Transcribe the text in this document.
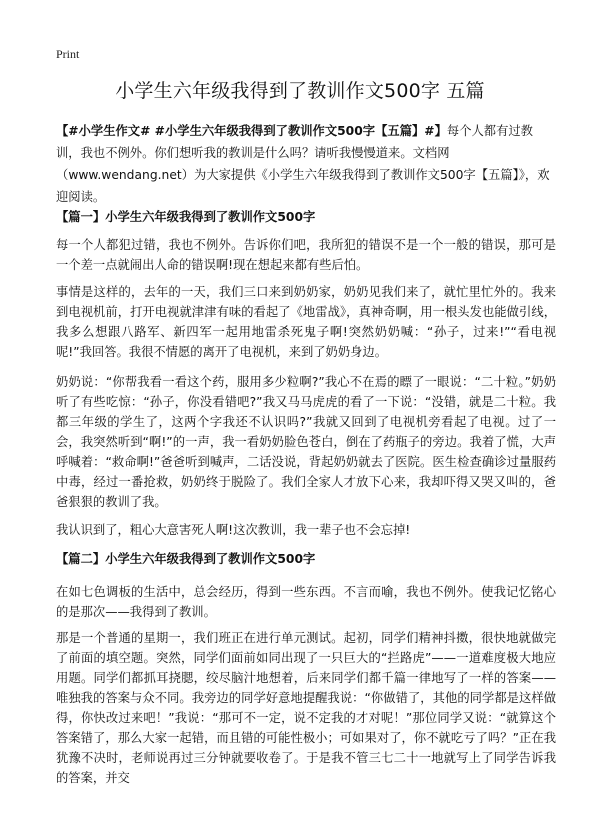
Print
小学生六年级我得到了教训作文500字 五篇

【#小学生作文# #小学生六年级我得到了教训作文500字【五篇】#】每个人都有过教训，我也不例外。你们想听我的教训是什么吗？请听我慢慢道来。文档网（www.wendang.net）为大家提供《小学生六年级我得到了教训作文500字【五篇】》，欢迎阅读。

【篇一】小学生六年级我得到了教训作文500字

每一个人都犯过错，我也不例外。告诉你们吧，我所犯的错误不是一个一般的错误，那可是一个差一点就闹出人命的错误啊!现在想起来都有些后怕。

事情是这样的，去年的一天，我们三口来到奶奶家，奶奶见我们来了，就忙里忙外的。我来到电视机前，打开电视就津津有味的看起了《地雷战》，真神奇啊，用一根头发也能做引线，我多么想跟八路军、新四军一起用地雷杀死鬼子啊!突然奶奶喊：“孙子，过来!”“看电视呢!”我回答。我很不情愿的离开了电视机，来到了奶奶身边。

奶奶说：“你帮我看一看这个药，服用多少粒啊?”我心不在焉的瞟了一眼说：“二十粒。”奶奶听了有些吃惊：“孙子，你没看错吧?”我又马马虎虎的看了一下说：“没错，就是二十粒。我都三年级的学生了，这两个字我还不认识吗?”我就又回到了电视机旁看起了电视。过了一会，我突然听到“啊!”的一声，我一看奶奶脸色苍白，倒在了药瓶子的旁边。我着了慌，大声呼喊着：“救命啊!”爸爸听到喊声，二话没说，背起奶奶就去了医院。医生检查确诊过量服药中毒，经过一番抢救，奶奶终于脱险了。我们全家人才放下心来，我却吓得又哭又叫的，爸爸狠狠的教训了我。

我认识到了，粗心大意害死人啊!这次教训，我一辈子也不会忘掉!

【篇二】小学生六年级我得到了教训作文500字

在如七色调板的生活中，总会经历，得到一些东西。不言而喻，我也不例外。使我记忆铭心的是那次——我得到了教训。

那是一个普通的星期一，我们班正在进行单元测试。起初，同学们精神抖擞，很快地就做完了前面的填空题。突然，同学们面前如同出现了一只巨大的“拦路虎”——一道难度极大地应用题。同学们都抓耳挠腮，绞尽脑汁地想着，后来同学们都千篇一律地写了一样的答案——唯独我的答案与众不同。我旁边的同学好意地提醒我说：“你做错了，其他的同学都是这样做得，你快改过来吧！”我说：“那可不一定，说不定我的才对呢！”那位同学又说：“就算这个答案错了，那么大家一起错，而且错的可能性极小；可如果对了，你不就吃亏了吗？”正在我犹豫不决时，老师说再过三分钟就要收卷了。于是我不管三七二十一地就写上了同学告诉我的答案，并交
